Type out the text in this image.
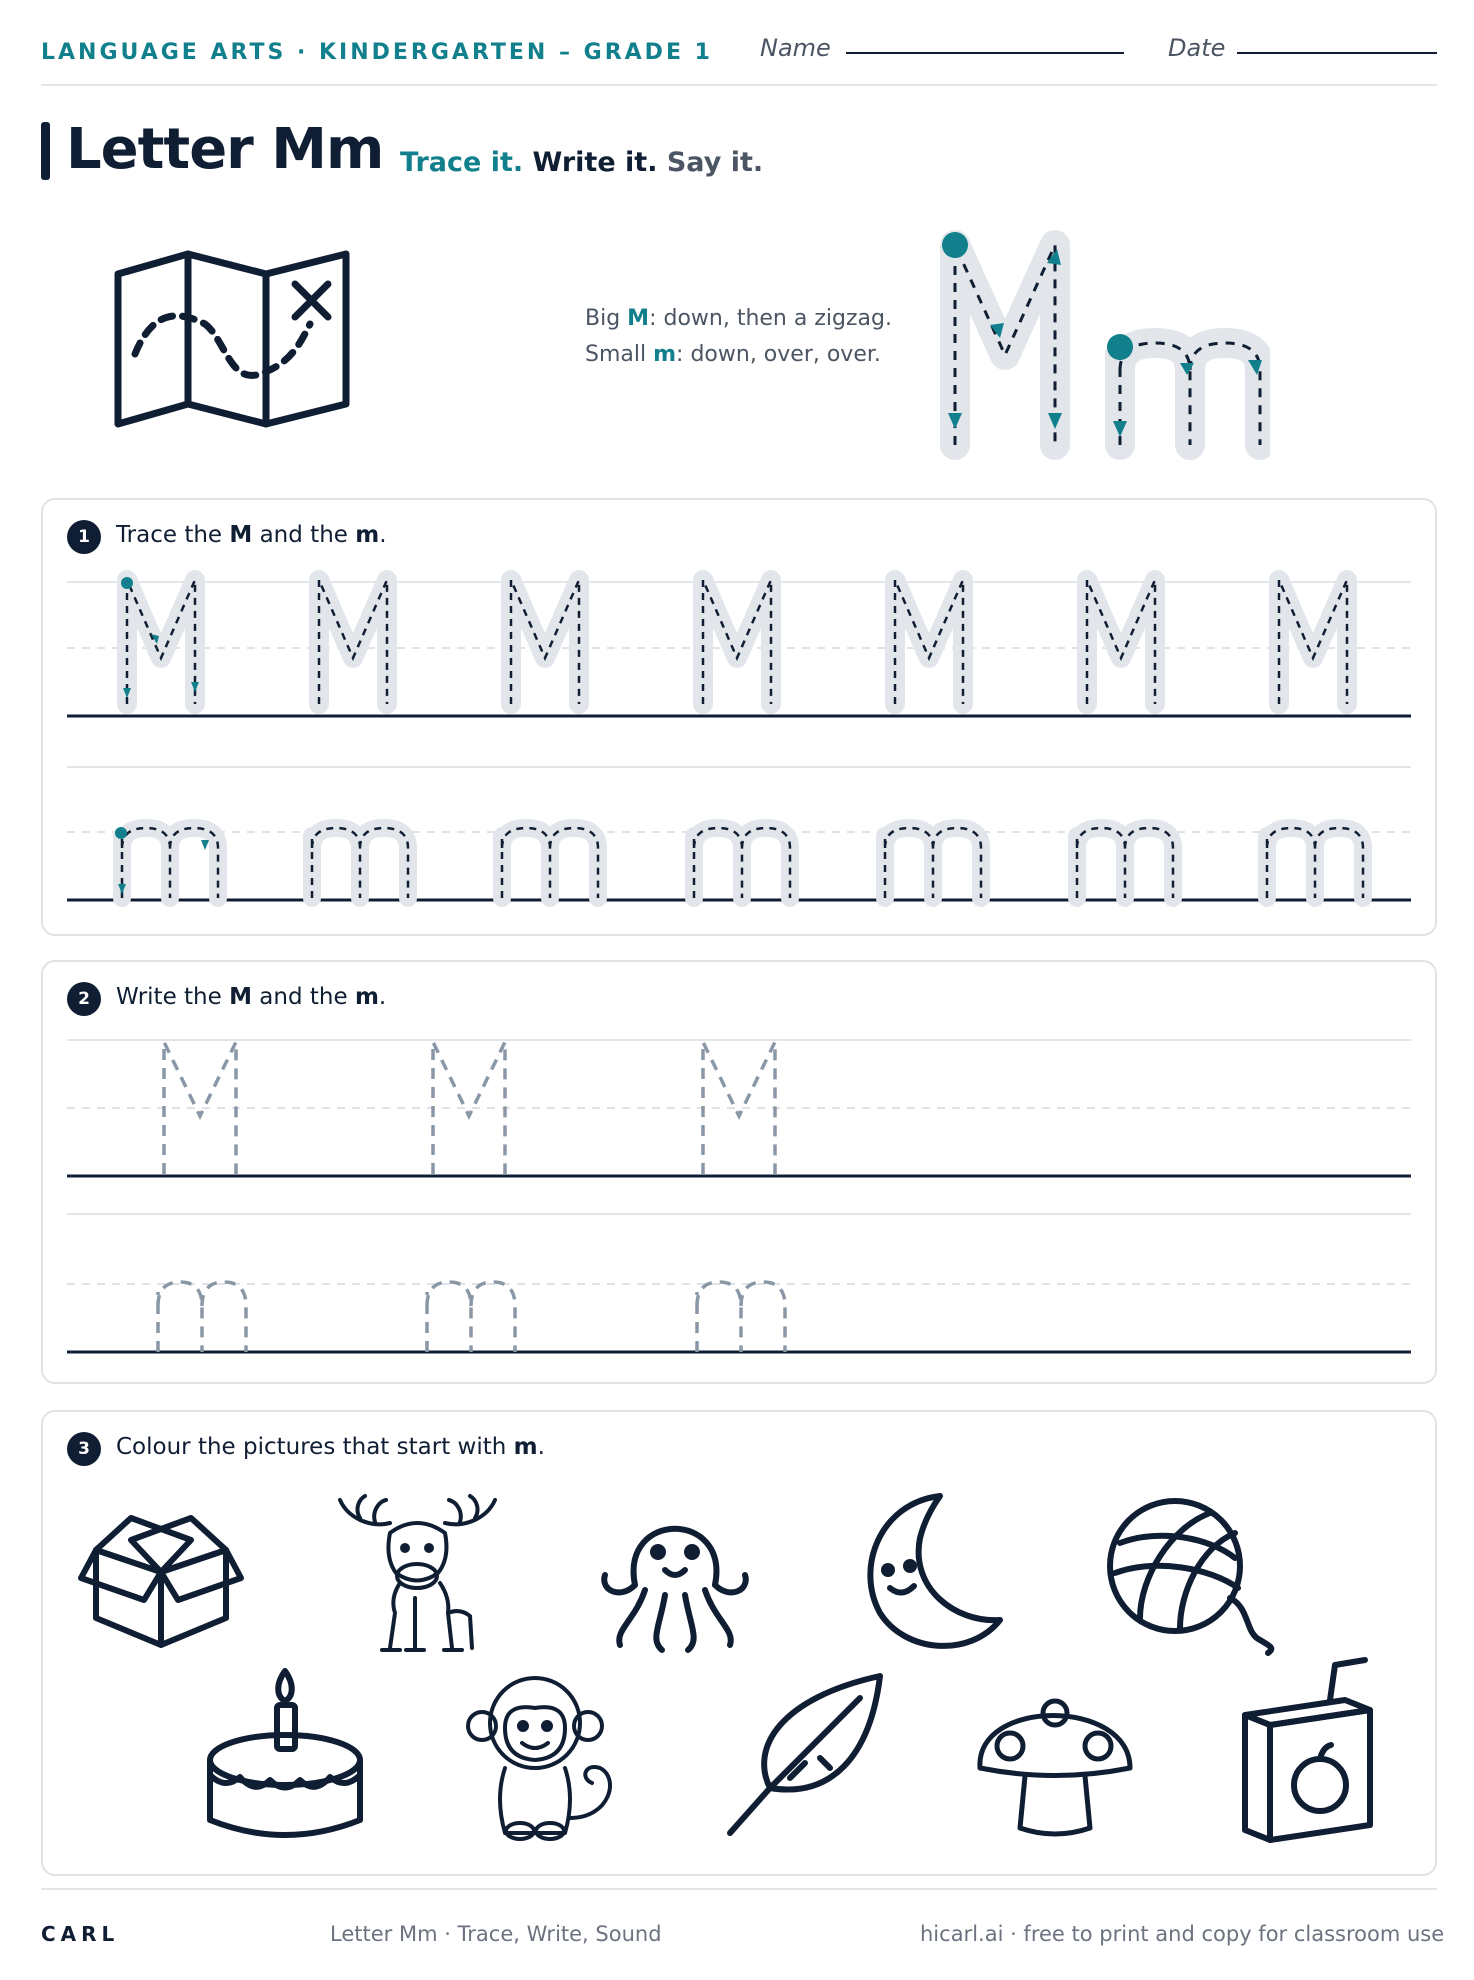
LANGUAGE ARTS · KINDERGARTEN – GRADE 1 Name	Date
Letter Mm Trace it. Write it. Say it.
Big M: down, then a zigzag.
Small m: down, over, over.
1	Trace the M and the m.
2	Write the M and the m.
3	Colour the pictures that start with m.
CARL	Letter Mm · Trace, Write, Sound	hicarl.ai · free to print and copy for classroom use
